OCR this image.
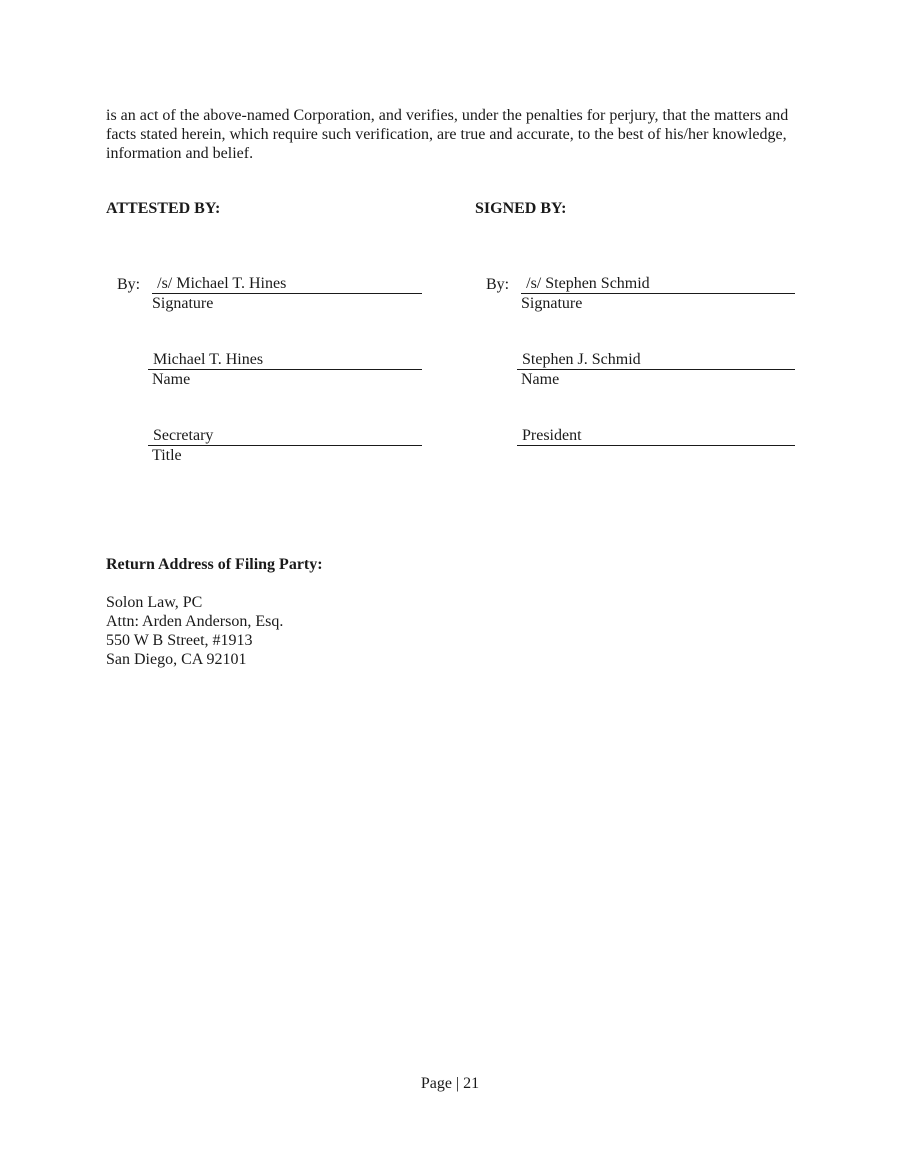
is an act of the above-named Corporation, and verifies, under the penalties for perjury, that the matters and facts stated herein, which require such verification, are true and accurate, to the best of his/her knowledge, information and belief.

ATTESTED BY:
By:	/s/ Michael T. Hines
Signature
Michael T. Hines
Name
Secretary
Title
SIGNED BY:
By:	/s/ Stephen Schmid
Signature
Stephen J. Schmid
Name
President
Return Address of Filing Party:
Solon Law, PC
Attn: Arden Anderson, Esq.
550 W B Street, #1913
San Diego, CA 92101
Page | 21
